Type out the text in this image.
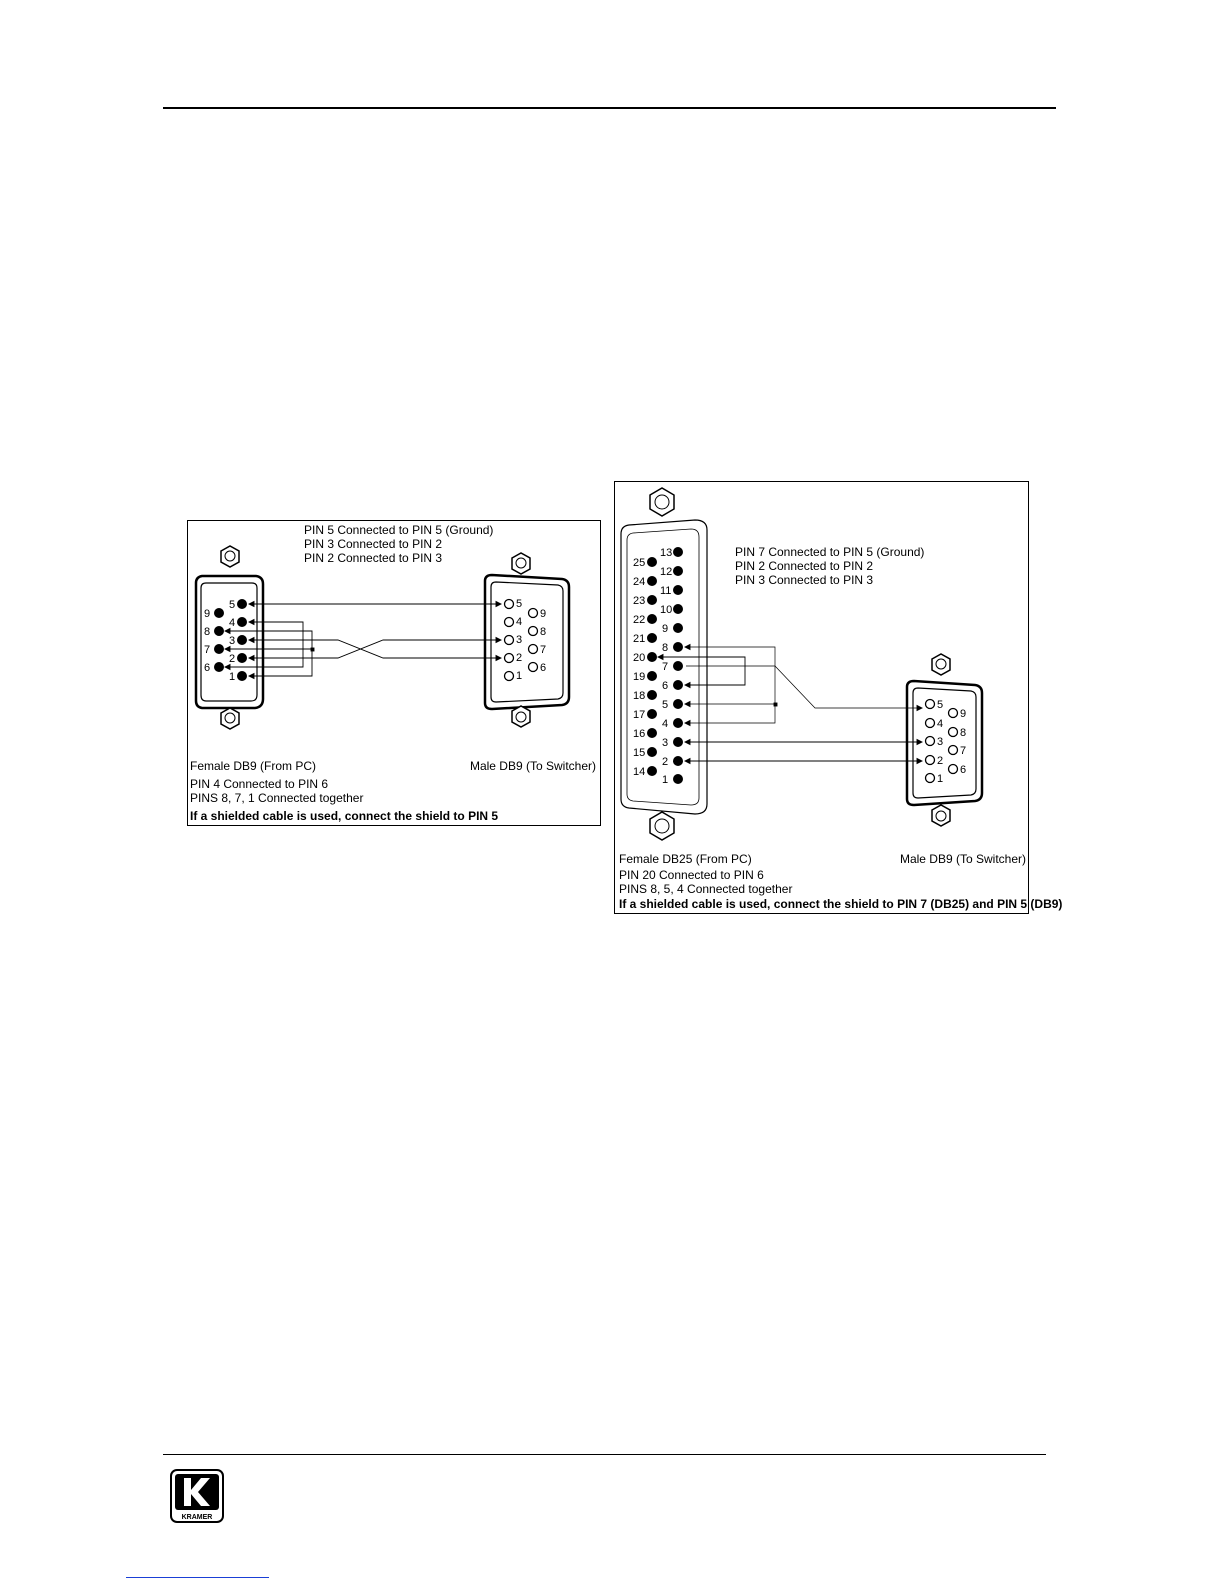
5
4
3
2
1
9
8
7
6
5
4
3
2
1
9
8
7
6
PIN 5 Connected to PIN 5 (Ground)
PIN 3 Connected to PIN 2
PIN 2 Connected to PIN 3
Female DB9 (From PC)	Male DB9 (To Switcher)
PIN 4 Connected to PIN 6
PINS 8, 7, 1 Connected together
If a shielded cable is used, connect the shield to PIN 5
13
12
11
10
9
8
7
6
5
4
3
2
1
25
24
23
22
21
20
19
18
17
16
15
14
5
4
3
2
1
9
8
7
6
PIN 7 Connected to PIN 5 (Ground)
PIN 2 Connected to PIN 2
PIN 3 Connected to PIN 3
Female DB25 (From PC)	Male DB9 (To Switcher)
PIN 20 Connected to PIN 6
PINS 8, 5, 4 Connected together
If a shielded cable is used, connect the shield to PIN 7 (DB25) and PIN 5 (DB9)
KRAMER
